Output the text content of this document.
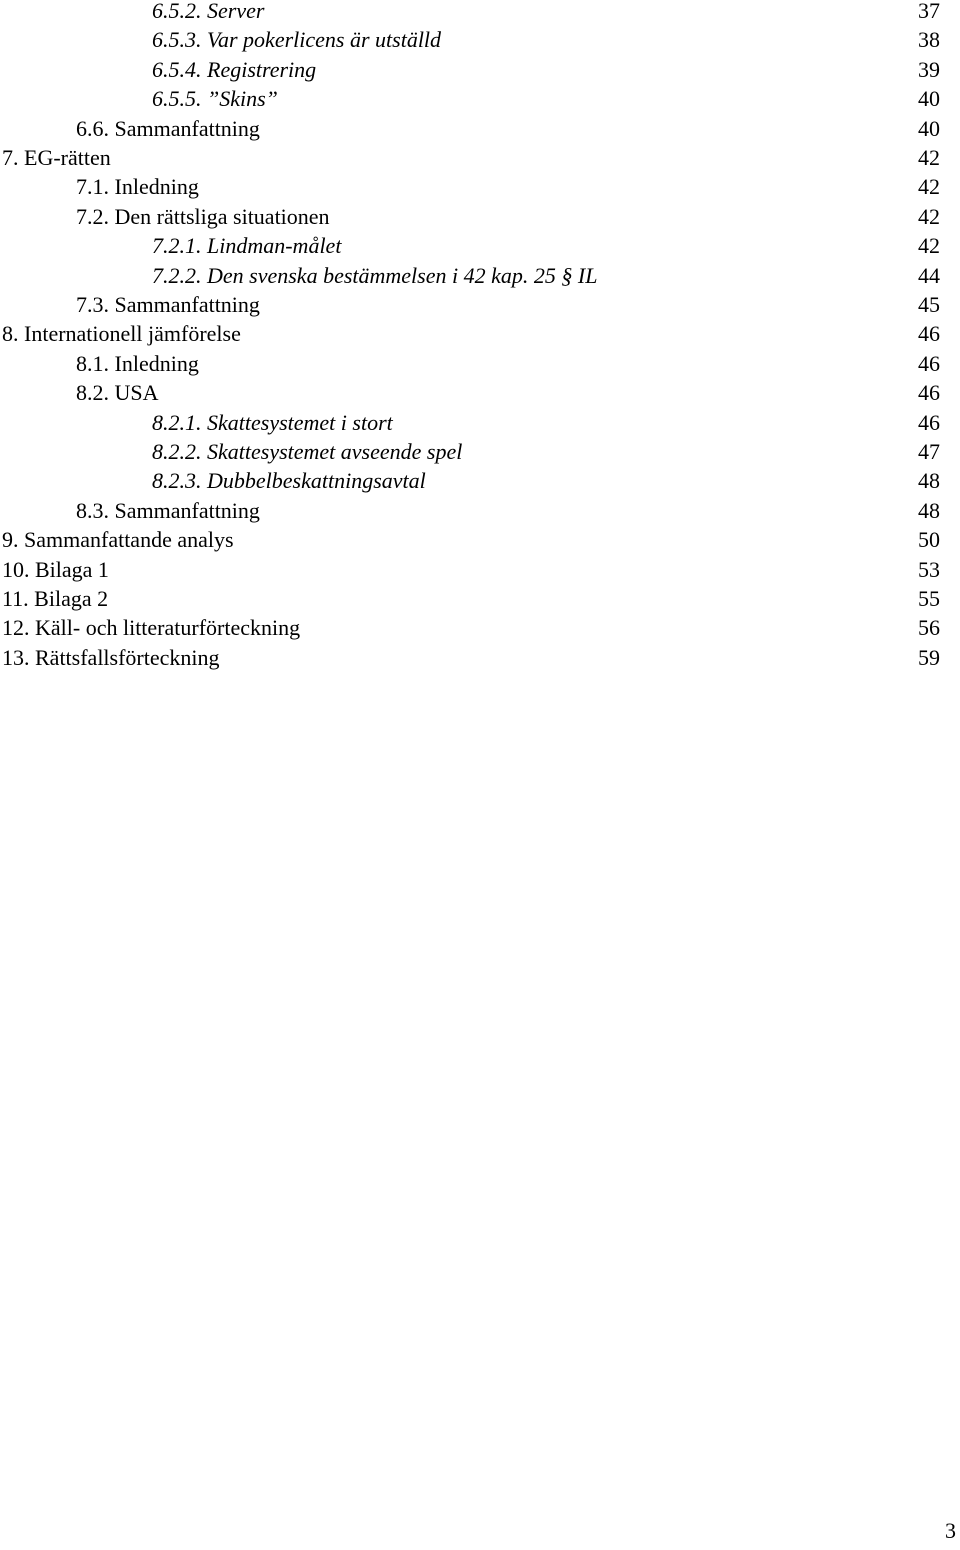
6.5.2. Server	37
6.5.3. Var pokerlicens är utställd	38
6.5.4. Registrering	39
6.5.5. ”Skins”	40
6.6. Sammanfattning	40
7. EG-rätten	42
7.1. Inledning	42
7.2. Den rättsliga situationen	42
7.2.1. Lindman-målet	42
7.2.2. Den svenska bestämmelsen i 42 kap. 25 § IL	44
7.3. Sammanfattning	45
8. Internationell jämförelse	46
8.1. Inledning	46
8.2. USA	46
8.2.1. Skattesystemet i stort	46
8.2.2. Skattesystemet avseende spel	47
8.2.3. Dubbelbeskattningsavtal	48
8.3. Sammanfattning	48
9. Sammanfattande analys	50
10. Bilaga 1	53
11. Bilaga 2	55
12. Käll- och litteraturförteckning	56
13. Rättsfallsförteckning	59
3
